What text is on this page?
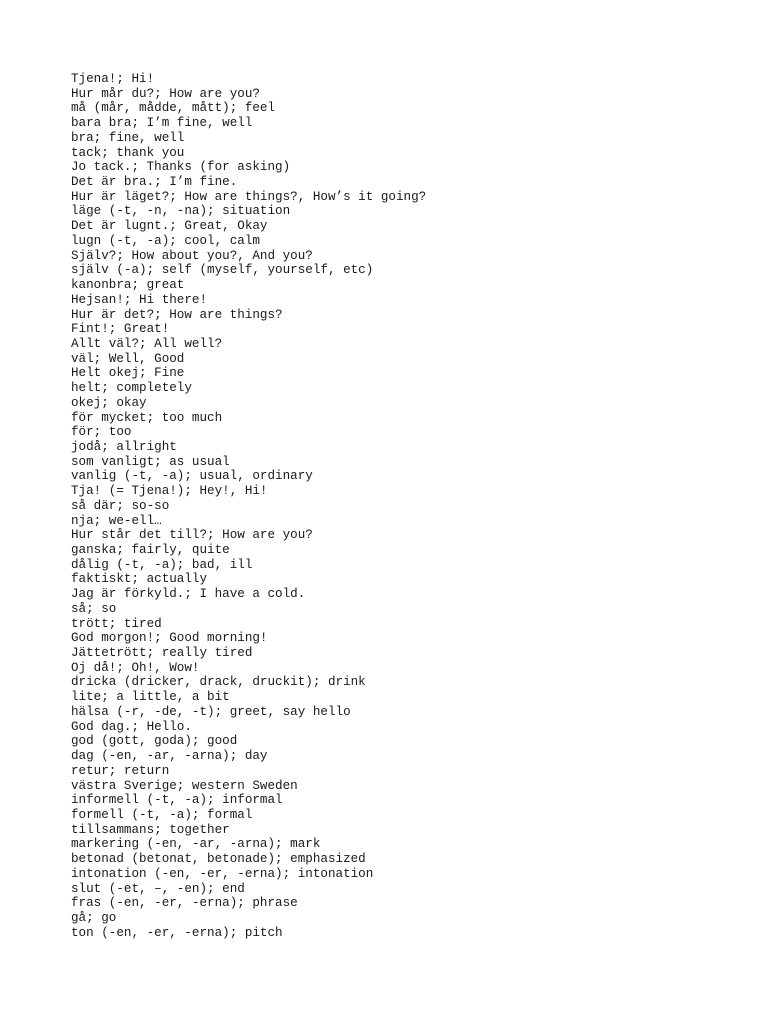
Tjena!; Hi!
Hur mår du?; How are you?
må (mår, mådde, mått); feel
bara bra; I’m fine, well
bra; fine, well
tack; thank you
Jo tack.; Thanks (for asking)
Det är bra.; I’m fine.
Hur är läget?; How are things?, How’s it going?
läge (-t, -n, -na); situation
Det är lugnt.; Great, Okay
lugn (-t, -a); cool, calm
Själv?; How about you?, And you?
själv (-a); self (myself, yourself, etc)
kanonbra; great
Hejsan!; Hi there!
Hur är det?; How are things?
Fint!; Great!
Allt väl?; All well?
väl; Well, Good
Helt okej; Fine
helt; completely
okej; okay
för mycket; too much
för; too
jodå; allright
som vanligt; as usual
vanlig (-t, -a); usual, ordinary
Tja! (= Tjena!); Hey!, Hi!
så där; so-so
nja; we-ell…
Hur står det till?; How are you?
ganska; fairly, quite
dålig (-t, -a); bad, ill
faktiskt; actually
Jag är förkyld.; I have a cold.
så; so
trött; tired
God morgon!; Good morning!
Jättetrött; really tired
Oj då!; Oh!, Wow!
dricka (dricker, drack, druckit); drink
lite; a little, a bit
hälsa (-r, -de, -t); greet, say hello
God dag.; Hello.
god (gott, goda); good
dag (-en, -ar, -arna); day
retur; return
västra Sverige; western Sweden
informell (-t, -a); informal
formell (-t, -a); formal
tillsammans; together
markering (-en, -ar, -arna); mark
betonad (betonat, betonade); emphasized
intonation (-en, -er, -erna); intonation
slut (-et, –, -en); end
fras (-en, -er, -erna); phrase
gå; go
ton (-en, -er, -erna); pitch
